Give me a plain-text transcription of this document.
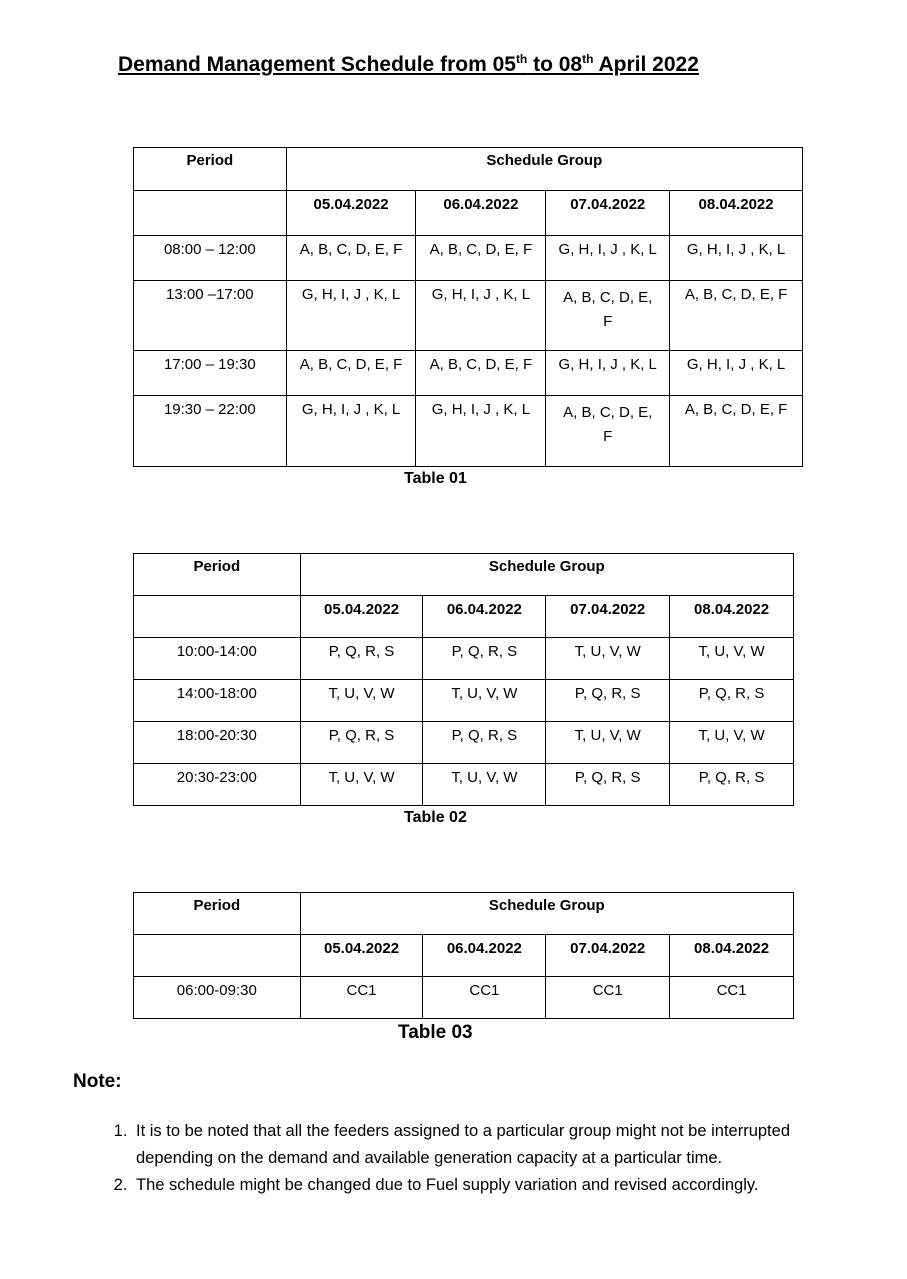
Demand Management Schedule from 05th to 08th April 2022
Period	Schedule Group			
	05.04.2022	06.04.2022	07.04.2022	08.04.2022
08:00 – 12:00	A, B, C, D, E, F	A, B, C, D, E, F	G, H, I, J , K, L	G, H, I, J , K, L
13:00 –17:00	G, H, I, J , K, L	G, H, I, J , K, L	A, B, C, D, E, F	A, B, C, D, E, F
17:00 – 19:30	A, B, C, D, E, F	A, B, C, D, E, F	G, H, I, J , K, L	G, H, I, J , K, L
19:30 – 22:00	G, H, I, J , K, L	G, H, I, J , K, L	A, B, C, D, E, F	A, B, C, D, E, F
Table 01
Period	Schedule Group			
	05.04.2022	06.04.2022	07.04.2022	08.04.2022
10:00-14:00	P, Q, R, S	P, Q, R, S	T, U, V, W	T, U, V, W
14:00-18:00	T, U, V, W	T, U, V, W	P, Q, R, S	P, Q, R, S
18:00-20:30	P, Q, R, S	P, Q, R, S	T, U, V, W	T, U, V, W
20:30-23:00	T, U, V, W	T, U, V, W	P, Q, R, S	P, Q, R, S
Table 02
Period	Schedule Group			
	05.04.2022	06.04.2022	07.04.2022	08.04.2022
06:00-09:30	CC1	CC1	CC1	CC1
Table 03
Note:
1. It is to be noted that all the feeders assigned to a particular group might not be interrupted depending on the demand and available generation capacity at a particular time.
2. The schedule might be changed due to Fuel supply variation and revised accordingly.
